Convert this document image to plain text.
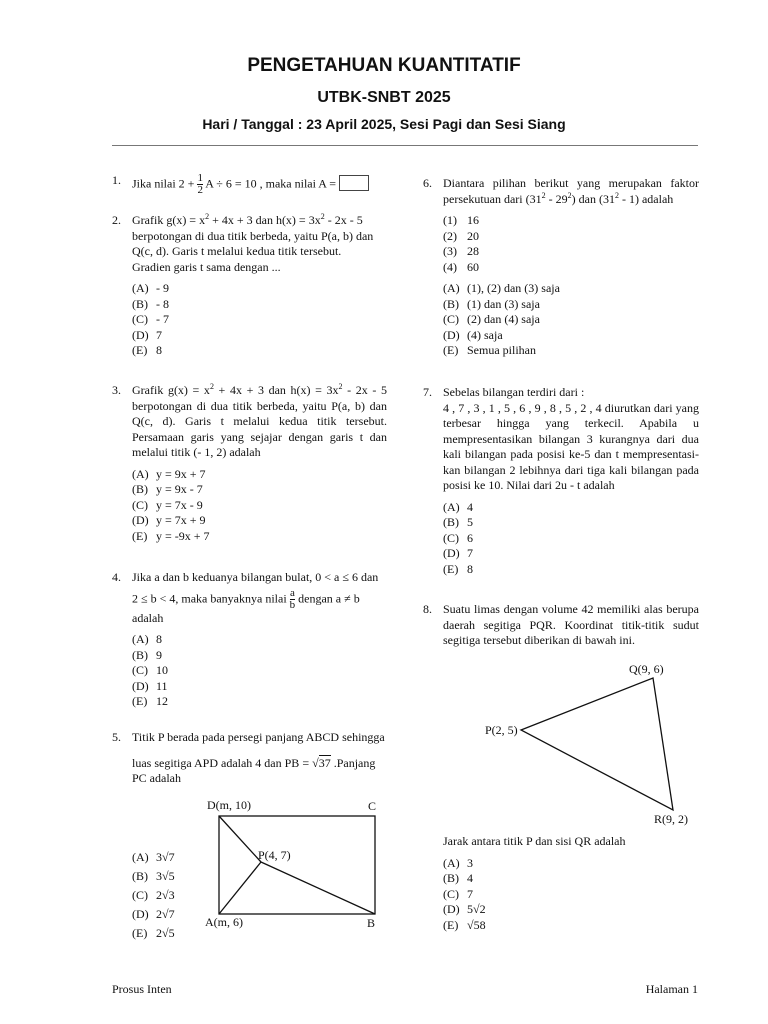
PENGETAHUAN KUANTITATIF
UTBK-SNBT 2025
Hari / Tanggal : 23 April 2025, Sesi Pagi dan Sesi Siang
1. Jika nilai $2 + \frac{1}{2}$ A ÷ 6 = 10 , maka nilai A =
2. Grafik $g(x) = x^2 + 4x + 3$ dan $h(x) = 3x^2 - 2x - 5$ berpotongan di dua titik berbeda, yaitu P(a, b) dan Q(c, d). Garis t melalui kedua titik tersebut.
Gradien garis t sama dengan ...
(A) - 9
(B) - 8
(C) - 7
(D) 7
(E) 8
3. Grafik $g(x) = x^2 + 4x + 3$ dan $h(x) = 3x^2 - 2x - 5$ berpotongan di dua titik berbeda, yaitu P(a, b) dan Q(c, d). Garis t melalui kedua titik tersebut. Persamaan garis yang sejajar dengan garis t dan melalui titik (- 1, 2) adalah
(A) y = 9x + 7
(B) y = 9x - 7
(C) y = 7x - 9
(D) y = 7x + 9
(E) y = -9x + 7
4. Jika a dan b keduanya bilangan bulat, 0 < a ≤ 6 dan
2 ≤ b < 4, maka banyaknya nilai $\frac{a}{b}$ dengan a ≠ b
adalah
(A) 8
(B) 9
(C) 10
(D) 11
(E) 12
5. Titik P berada pada persegi panjang ABCD sehingga
luas segitiga APD adalah 4 dan PB = √37 .Panjang
PC adalah
(A) 3√7
(B) 3√5
(C) 2√3
(D) 2√7
(E) 2√5
D(m, 10)	C
P(4, 7)
A(m, 6)	B
6. Diantara pilihan berikut yang merupakan faktor persekutuan dari $(31^2 - 29^2)$ dan $(31^2 - 1)$ adalah
(1) 16
(2) 20
(3) 28
(4) 60
(A) (1), (2) dan (3) saja
(B) (1) dan (3) saja
(C) (2) dan (4) saja
(D) (4) saja
(E) Semua pilihan
7. Sebelas bilangan terdiri dari :
4 , 7 , 3 , 1 , 5 , 6 , 9 , 8 , 5 , 2 , 4 diurutkan dari yang terbesar hingga yang terkecil. Apabila u mempresentasikan bilangan 3 kurangnya dari dua kali bilangan pada posisi ke-5 dan t mempresentasi-kan bilangan 2 lebihnya dari tiga kali bilangan pada posisi ke 10. Nilai dari 2u - t adalah
(A) 4
(B) 5
(C) 6
(D) 7
(E) 8
8. Suatu limas dengan volume 42 memiliki alas berupa daerah segitiga PQR. Koordinat titik-titik sudut segitiga tersebut diberikan di bawah ini.
Q(9, 6)
P(2, 5)
R(9, 2)
Jarak antara titik P dan sisi QR adalah
(A) 3
(B) 4
(C) 7
(D) 5√2
(E) √58
Prosus Inten	Halaman 1
